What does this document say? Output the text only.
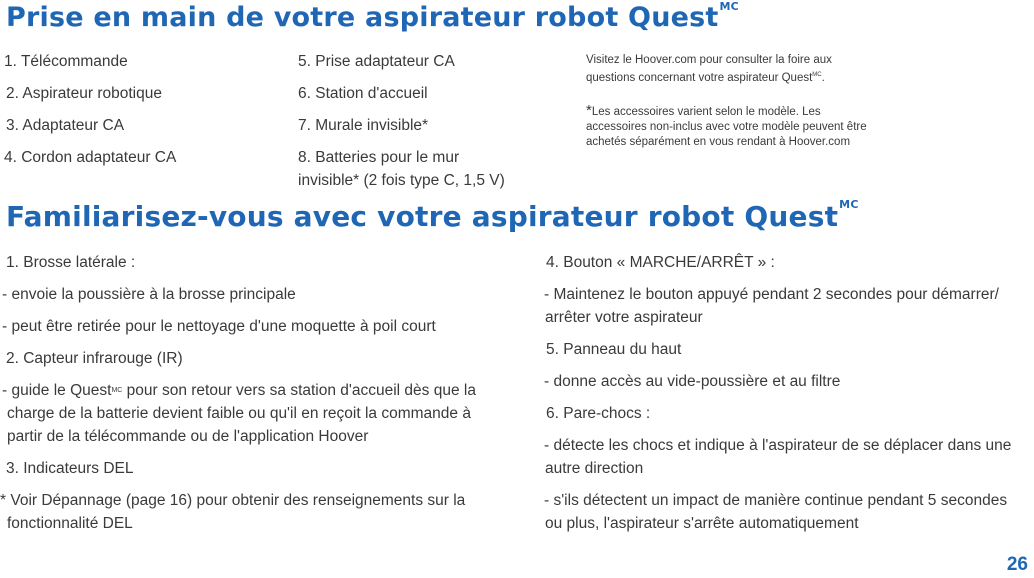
Prise en main de votre aspirateur robot Quest$^{MC}$
1. Télécommande
2. Aspirateur robotique
3. Adaptateur CA
4. Cordon adaptateur CA
5. Prise adaptateur CA
6. Station d'accueil
7. Murale invisible*
8. Batteries pour le mur
invisible* (2 fois type C, 1,5 V)
Visitez le Hoover.com pour consulter la foire aux
questions concernant votre aspirateur Quest$^{MC}$.
*Les accessoires varient selon le modèle. Les
accessoires non-inclus avec votre modèle peuvent être
achetés séparément en vous rendant à Hoover.com
Familiarisez-vous avec votre aspirateur robot Quest$^{MC}$
1. Brosse latérale :
- envoie la poussière à la brosse principale
- peut être retirée pour le nettoyage d'une moquette à poil court
2. Capteur infrarouge (IR)
- guide le Quest$^{MC}$ pour son retour vers sa station d'accueil dès que la
charge de la batterie devient faible ou qu'il en reçoit la commande à
partir de la télécommande ou de l'application Hoover
3. Indicateurs DEL
* Voir Dépannage (page 16) pour obtenir des renseignements sur la
fonctionnalité DEL
4. Bouton « MARCHE/ARRÊT » :
- Maintenez le bouton appuyé pendant 2 secondes pour démarrer/
arrêter votre aspirateur
5. Panneau du haut
- donne accès au vide-poussière et au filtre
6. Pare-chocs :
- détecte les chocs et indique à l'aspirateur de se déplacer dans une
autre direction
- s'ils détectent un impact de manière continue pendant 5 secondes
ou plus, l'aspirateur s'arrête automatiquement
26
